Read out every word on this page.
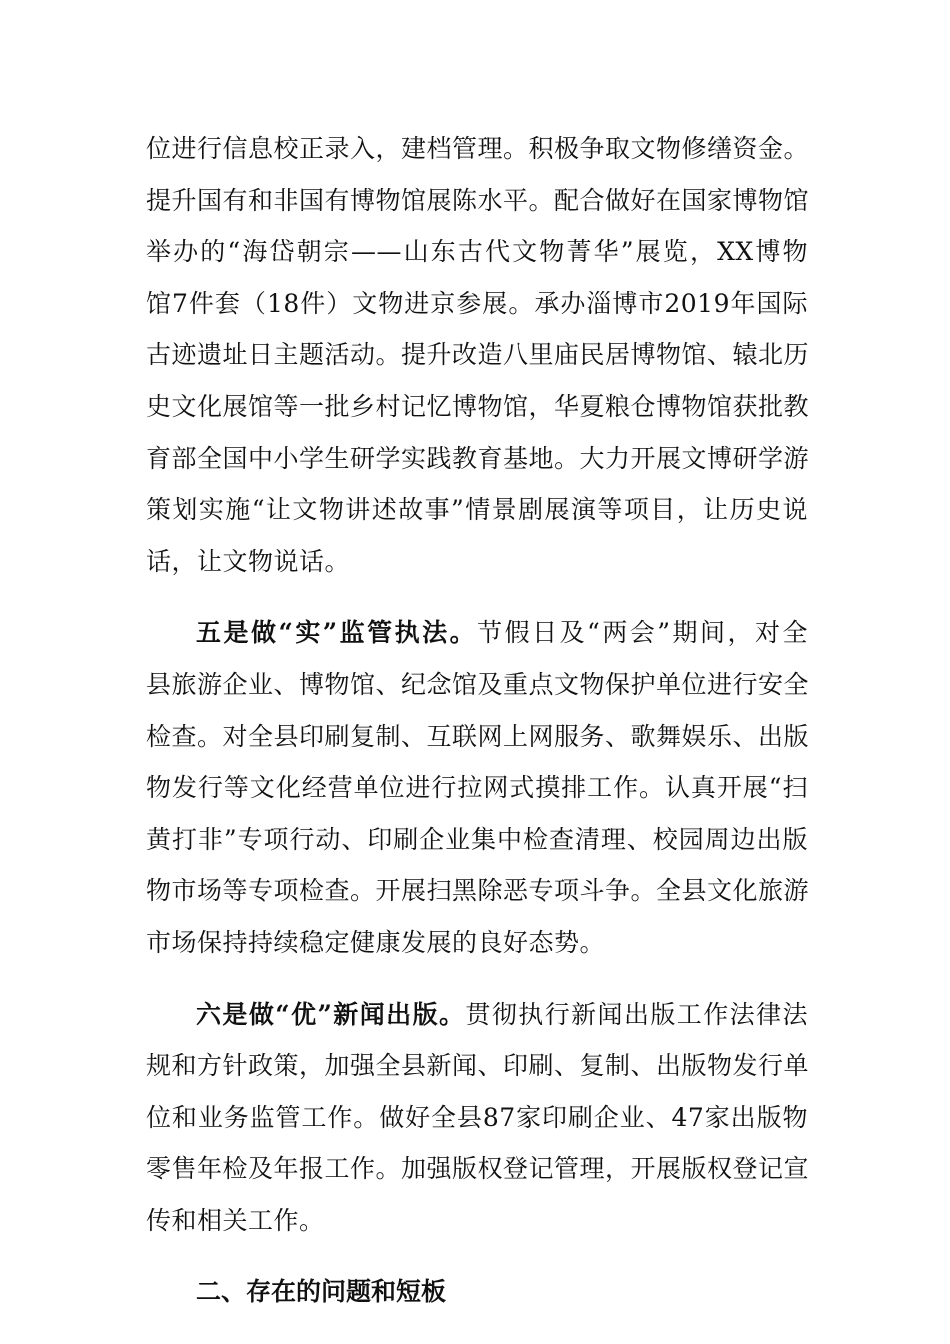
位进行信息校正录入，建档管理。积极争取文物修缮资金。
提升国有和非国有博物馆展陈水平。配合做好在国家博物馆
举办的“海岱朝宗——山东古代文物菁华”展览，XX博物
馆7件套（18件）文物进京参展。承办淄博市2019年国际
古迹遗址日主题活动。提升改造八里庙民居博物馆、辕北历
史文化展馆等一批乡村记忆博物馆，华夏粮仓博物馆获批教
育部全国中小学生研学实践教育基地。大力开展文博研学游
策划实施“让文物讲述故事”情景剧展演等项目，让历史说
话，让文物说话。
五是做“实”监管执法。节假日及“两会”期间，对全
县旅游企业、博物馆、纪念馆及重点文物保护单位进行安全
检查。对全县印刷复制、互联网上网服务、歌舞娱乐、出版
物发行等文化经营单位进行拉网式摸排工作。认真开展“扫
黄打非”专项行动、印刷企业集中检查清理、校园周边出版
物市场等专项检查。开展扫黑除恶专项斗争。全县文化旅游
市场保持持续稳定健康发展的良好态势。
六是做“优”新闻出版。贯彻执行新闻出版工作法律法
规和方针政策，加强全县新闻、印刷、复制、出版物发行单
位和业务监管工作。做好全县87家印刷企业、47家出版物
零售年检及年报工作。加强版权登记管理，开展版权登记宣
传和相关工作。
二、存在的问题和短板
